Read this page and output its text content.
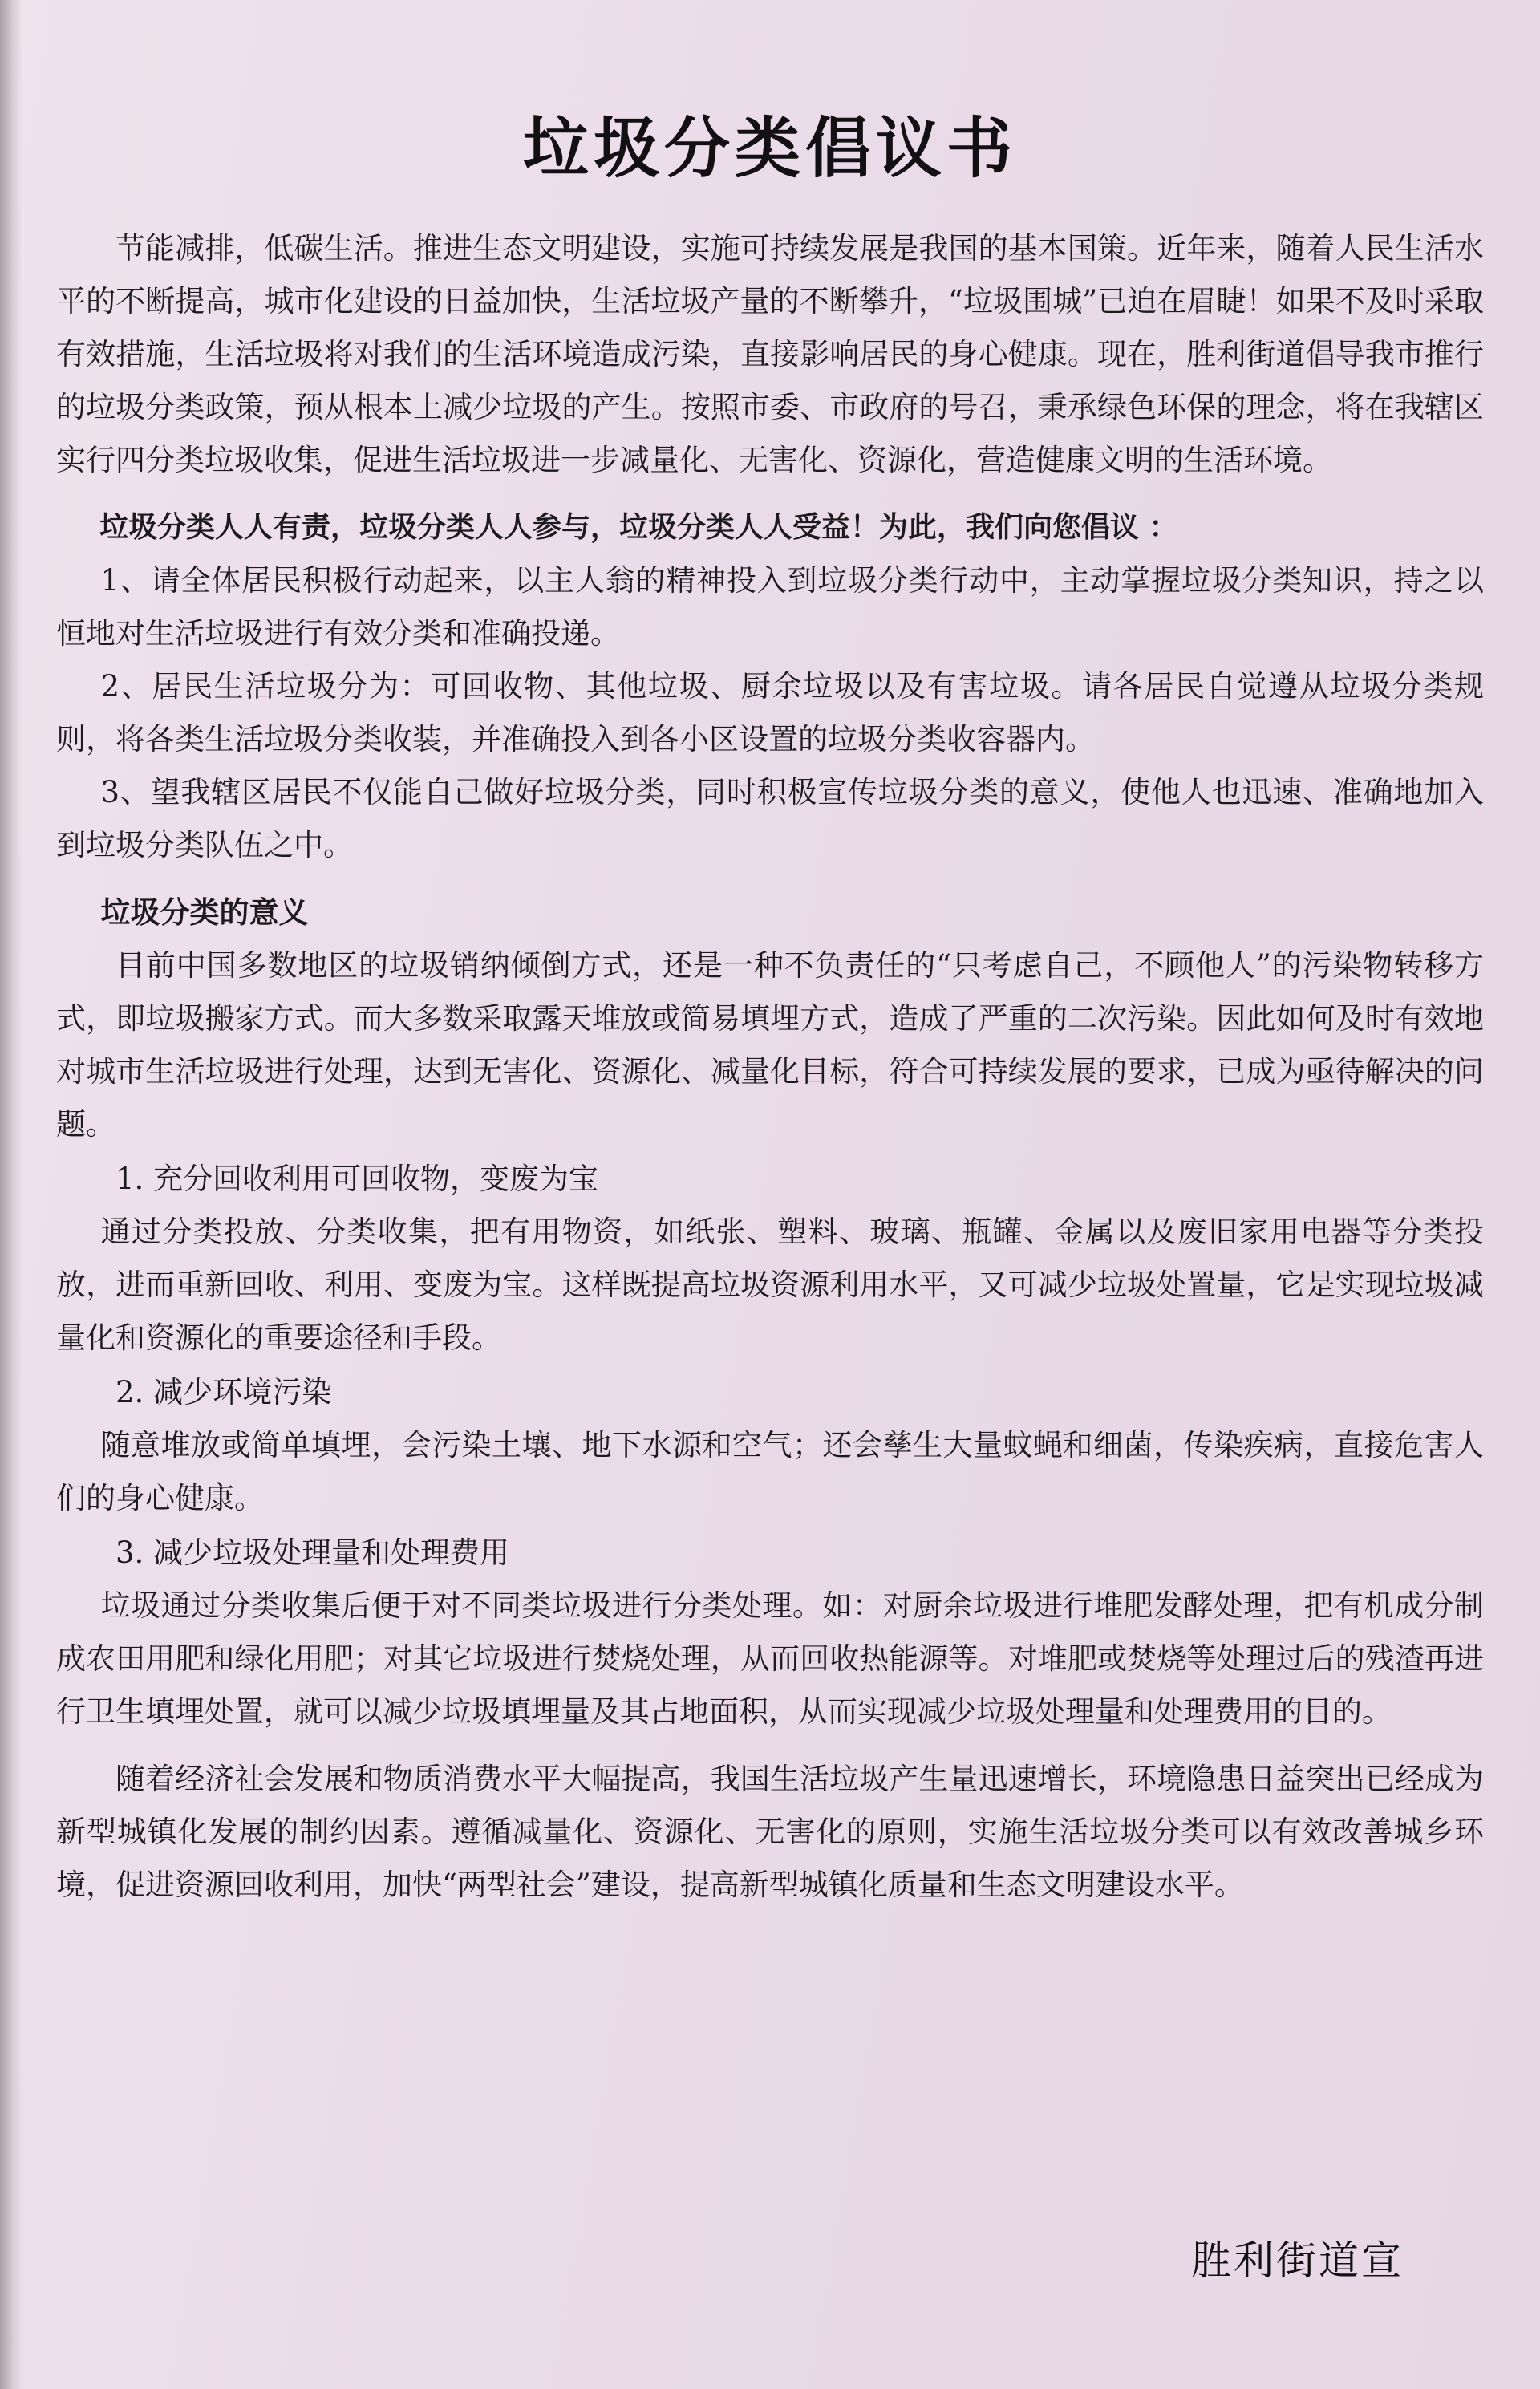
垃圾分类倡议书

节能减排，低碳生活。推进生态文明建设，实施可持续发展是我国的基本国策。近年来，随着人民生活水平的不断提高，城市化建设的日益加快，生活垃圾产量的不断攀升，“垃圾围城”已迫在眉睫！如果不及时采取有效措施，生活垃圾将对我们的生活环境造成污染，直接影响居民的身心健康。现在，胜利街道倡导我市推行的垃圾分类政策，预从根本上减少垃圾的产生。按照市委、市政府的号召，秉承绿色环保的理念，将在我辖区实行四分类垃圾收集，促进生活垃圾进一步减量化、无害化、资源化，营造健康文明的生活环境。

垃圾分类人人有责，垃圾分类人人参与，垃圾分类人人受益！为此，我们向您倡议 ：

1、请全体居民积极行动起来，以主人翁的精神投入到垃圾分类行动中，主动掌握垃圾分类知识，持之以恒地对生活垃圾进行有效分类和准确投递。

2、居民生活垃圾分为：可回收物、其他垃圾、厨余垃圾以及有害垃圾。请各居民自觉遵从垃圾分类规则，将各类生活垃圾分类收装，并准确投入到各小区设置的垃圾分类收容器内。

3、望我辖区居民不仅能自己做好垃圾分类，同时积极宣传垃圾分类的意义，使他人也迅速、准确地加入到垃圾分类队伍之中。

垃圾分类的意义

目前中国多数地区的垃圾销纳倾倒方式，还是一种不负责任的“只考虑自己，不顾他人”的污染物转移方式，即垃圾搬家方式。而大多数采取露天堆放或简易填埋方式，造成了严重的二次污染。因此如何及时有效地对城市生活垃圾进行处理，达到无害化、资源化、减量化目标，符合可持续发展的要求，已成为亟待解决的问题。

1. 充分回收利用可回收物，变废为宝

通过分类投放、分类收集，把有用物资，如纸张、塑料、玻璃、瓶罐、金属以及废旧家用电器等分类投放，进而重新回收、利用、变废为宝。这样既提高垃圾资源利用水平，又可减少垃圾处置量，它是实现垃圾减量化和资源化的重要途径和手段。

2. 减少环境污染

随意堆放或简单填埋，会污染土壤、地下水源和空气；还会孳生大量蚊蝇和细菌，传染疾病，直接危害人们的身心健康。

3. 减少垃圾处理量和处理费用

垃圾通过分类收集后便于对不同类垃圾进行分类处理。如：对厨余垃圾进行堆肥发酵处理，把有机成分制成农田用肥和绿化用肥；对其它垃圾进行焚烧处理，从而回收热能源等。对堆肥或焚烧等处理过后的残渣再进行卫生填埋处置，就可以减少垃圾填埋量及其占地面积，从而实现减少垃圾处理量和处理费用的目的。

随着经济社会发展和物质消费水平大幅提高，我国生活垃圾产生量迅速增长，环境隐患日益突出已经成为新型城镇化发展的制约因素。遵循减量化、资源化、无害化的原则，实施生活垃圾分类可以有效改善城乡环境，促进资源回收利用，加快“两型社会”建设，提高新型城镇化质量和生态文明建设水平。

胜利街道宣
